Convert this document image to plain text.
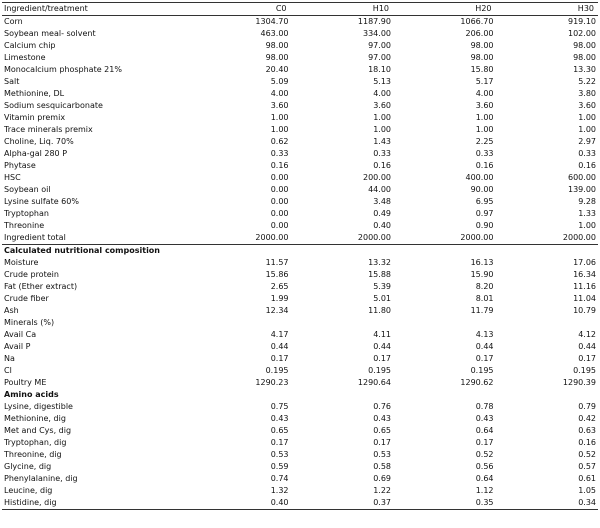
Ingredient/treatment	C0	H10	H20	H30
Corn	1304.70	1187.90	1066.70	919.10
Soybean meal- solvent	463.00	334.00	206.00	102.00
Calcium chip	98.00	97.00	98.00	98.00
Limestone	98.00	97.00	98.00	98.00
Monocalcium phosphate 21%	20.40	18.10	15.80	13.30
Salt	5.09	5.13	5.17	5.22
Methionine, DL	4.00	4.00	4.00	3.80
Sodium sesquicarbonate	3.60	3.60	3.60	3.60
Vitamin premix	1.00	1.00	1.00	1.00
Trace minerals premix	1.00	1.00	1.00	1.00
Choline, Liq. 70%	0.62	1.43	2.25	2.97
Alpha-gal 280 P	0.33	0.33	0.33	0.33
Phytase	0.16	0.16	0.16	0.16
HSC	0.00	200.00	400.00	600.00
Soybean oil	0.00	44.00	90.00	139.00
Lysine sulfate 60%	0.00	3.48	6.95	9.28
Tryptophan	0.00	0.49	0.97	1.33
Threonine	0.00	0.40	0.90	1.00
Ingredient total	2000.00	2000.00	2000.00	2000.00
Calculated nutritional composition				
Moisture	11.57	13.32	16.13	17.06
Crude protein	15.86	15.88	15.90	16.34
Fat (Ether extract)	2.65	5.39	8.20	11.16
Crude fiber	1.99	5.01	8.01	11.04
Ash	12.34	11.80	11.79	10.79
Minerals (%)				
Avail Ca	4.17	4.11	4.13	4.12
Avail P	0.44	0.44	0.44	0.44
Na	0.17	0.17	0.17	0.17
Cl	0.195	0.195	0.195	0.195
Poultry ME	1290.23	1290.64	1290.62	1290.39
Amino acids				
Lysine, digestible	0.75	0.76	0.78	0.79
Methionine, dig	0.43	0.43	0.43	0.42
Met and Cys, dig	0.65	0.65	0.64	0.63
Tryptophan, dig	0.17	0.17	0.17	0.16
Threonine, dig	0.53	0.53	0.52	0.52
Glycine, dig	0.59	0.58	0.56	0.57
Phenylalanine, dig	0.74	0.69	0.64	0.61
Leucine, dig	1.32	1.22	1.12	1.05
Histidine, dig	0.40	0.37	0.35	0.34
